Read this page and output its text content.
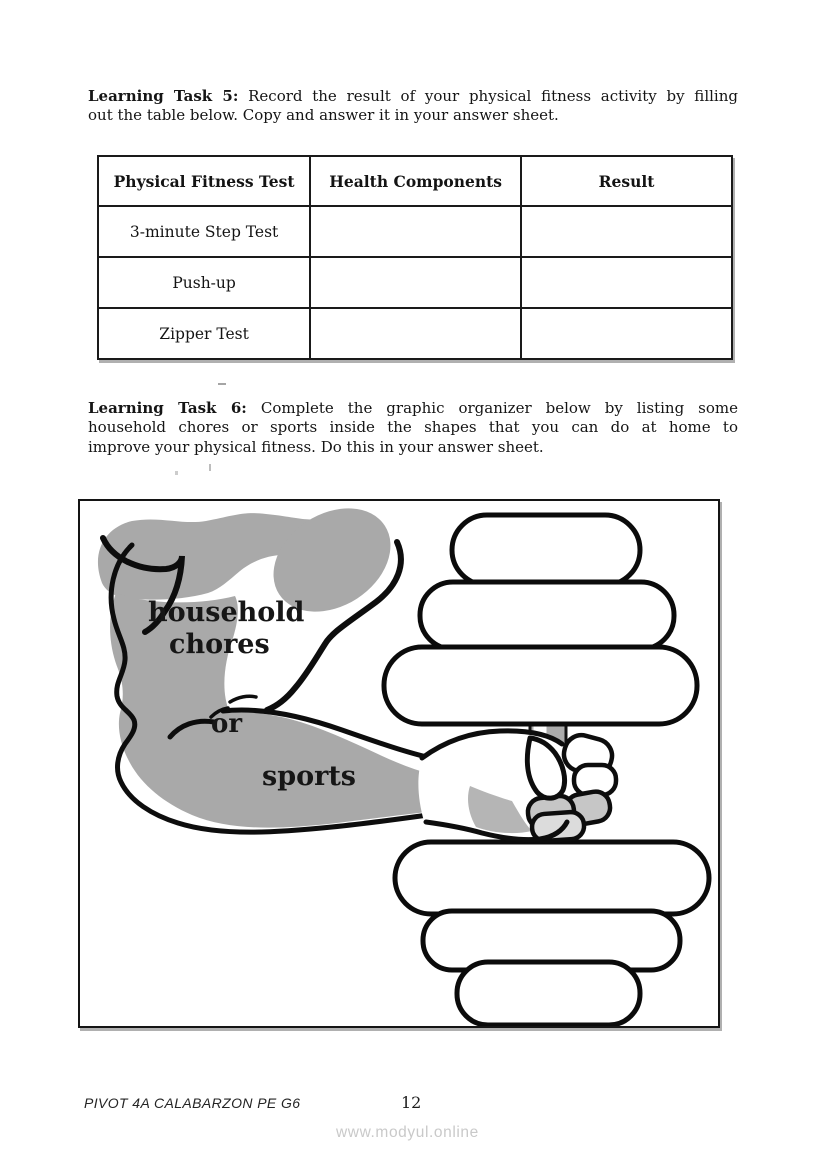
Learning Task 5: Record the result of your physical fitness activity by filling
out the table below. Copy and answer it in your answer sheet.
Physical Fitness Test	Health Components	Result
3-minute Step Test		
Push-up		
Zipper Test		
Learning Task 6: Complete the graphic organizer below by listing some
household chores or sports inside the shapes that you can do at home to
improve your physical fitness. Do this in your answer sheet.
household
chores
or
sports
PIVOT 4A CALABARZON PE G6	12
www.modyul.online
